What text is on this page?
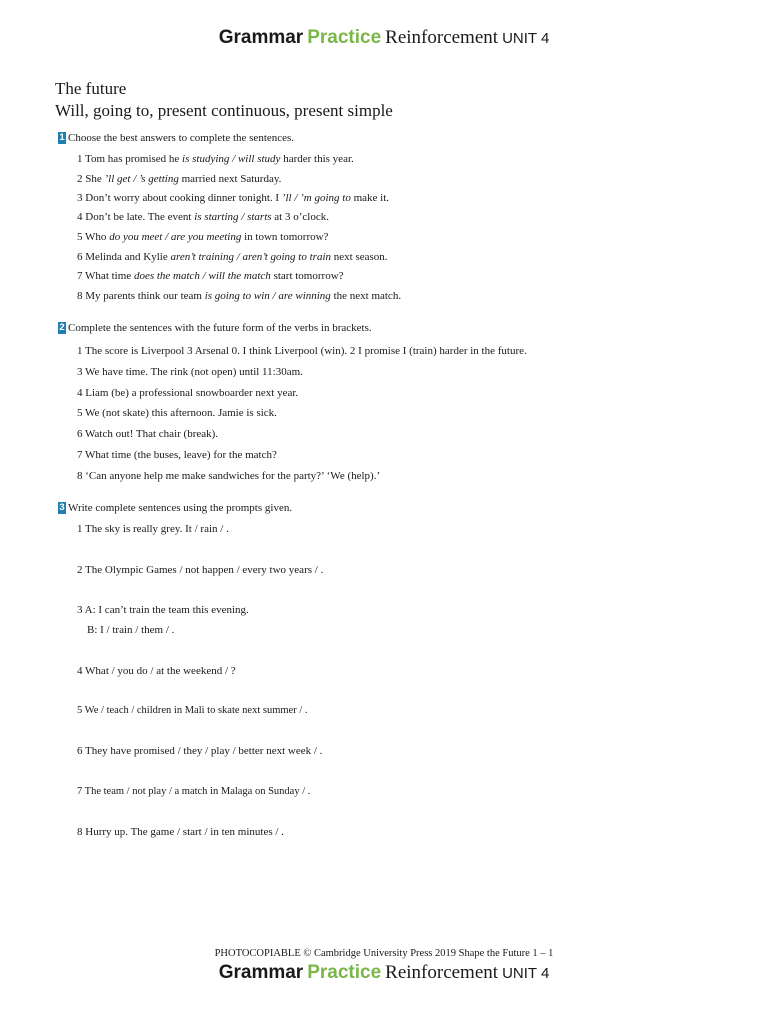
Grammar Practice Reinforcement UNIT 4
The future
Will, going to, present continuous, present simple
1 Choose the best answers to complete the sentences.
1 Tom has promised he is studying / will study harder this year.
2 She ’ll get / ’s getting married next Saturday.
3 Don’t worry about cooking dinner tonight. I ’ll / ’m going to make it.
4 Don’t be late. The event is starting / starts at 3 o’clock.
5 Who do you meet / are you meeting in town tomorrow?
6 Melinda and Kylie aren’t training / aren’t going to train next season.
7 What time does the match / will the match start tomorrow?
8 My parents think our team is going to win / are winning the next match.
2 Complete the sentences with the future form of the verbs in brackets.
1 The score is Liverpool 3 Arsenal 0. I think Liverpool (win). 2 I promise I (train) harder in the future.
3 We have time. The rink (not open) until 11:30am.
4 Liam (be) a professional snowboarder next year.
5 We (not skate) this afternoon. Jamie is sick.
6 Watch out! That chair (break).
7 What time (the buses, leave) for the match?
8 ‘Can anyone help me make sandwiches for the party?’ ‘We (help).’
3 Write complete sentences using the prompts given.
1 The sky is really grey. It / rain / .
2 The Olympic Games / not happen / every two years / .
3 A: I can’t train the team this evening.
B: I / train / them / .
4 What / you do / at the weekend / ?
5 We / teach / children in Mali to skate next summer / .
6 They have promised / they / play / better next week / .
7 The team / not play / a match in Malaga on Sunday / .
8 Hurry up. The game / start / in ten minutes / .
PHOTOCOPIABLE © Cambridge University Press 2019 Shape the Future 1 – 1
Grammar Practice Reinforcement UNIT 4
